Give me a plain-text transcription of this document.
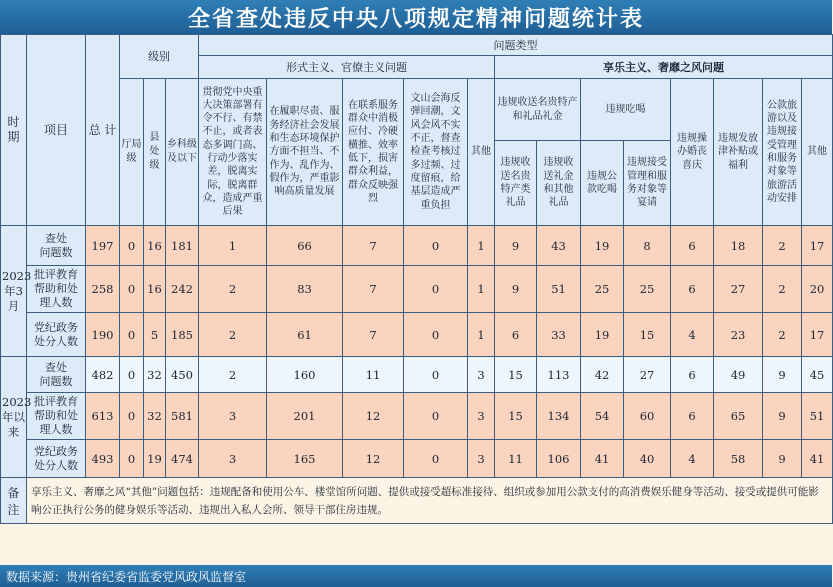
全省查处违反中央八项规定精神问题统计表
时期	项目	总 计	级别			问题类型												
						形式主义、官僚主义问题					享乐主义、奢靡之风问题							
			厅局级	县处级	乡科级及以下	贯彻党中央重大决策部署有令不行、有禁不止，或者表态多调门高、行动少落实差，脱离实际，脱离群众，造成严重后果	在履职尽责、服务经济社会发展和生态环境保护方面不担当、不作为、乱作为、假作为，严重影响高质量发展	在联系服务群众中消极应付、冷硬横推、效率低下，损害群众利益，群众反映强烈	文山会海反弹回潮，文风会风不实不正，督查检查考核过多过频、过度留痕，给基层造成严重负担	其他	违规收送名贵特产和礼品礼金		违规吃喝		违规操办婚丧喜庆	违规发放津补贴或福利	公款旅游以及违规接受管理和服务对象等旅游活动安排	其他
											违规收送名贵特产类礼品	违规收送礼金和其他礼品	违规公款吃喝	违规接受管理和服务对象等宴请				
2023
年3
月	查处
问题数	197	0	16	181	1	66	7	0	1	9	43	19	8	6	18	2	17
	批评教育
帮助和处
理人数	258	0	16	242	2	83	7	0	1	9	51	25	25	6	27	2	20
	党纪政务
处分人数	190	0	5	185	2	61	7	0	1	6	33	19	15	4	23	2	17
2023
年以
来	查处
问题数	482	0	32	450	2	160	11	0	3	15	113	42	27	6	49	9	45
	批评教育
帮助和处
理人数	613	0	32	581	3	201	12	0	3	15	134	54	60	6	65	9	51
	党纪政务
处分人数	493	0	19	474	3	165	12	0	3	11	106	41	40	4	58	9	41
备注	享乐主义、奢靡之风“其他”问题包括：违规配备和使用公车、楼堂馆所问题、提供或接受超标准接待、组织或参加用公款支付的高消费娱乐健身等活动、接受或提供可能影响公正执行公务的健身娱乐等活动、违规出入私人会所、领导干部住房违规。																	
数据来源：贵州省纪委省监委党风政风监督室
